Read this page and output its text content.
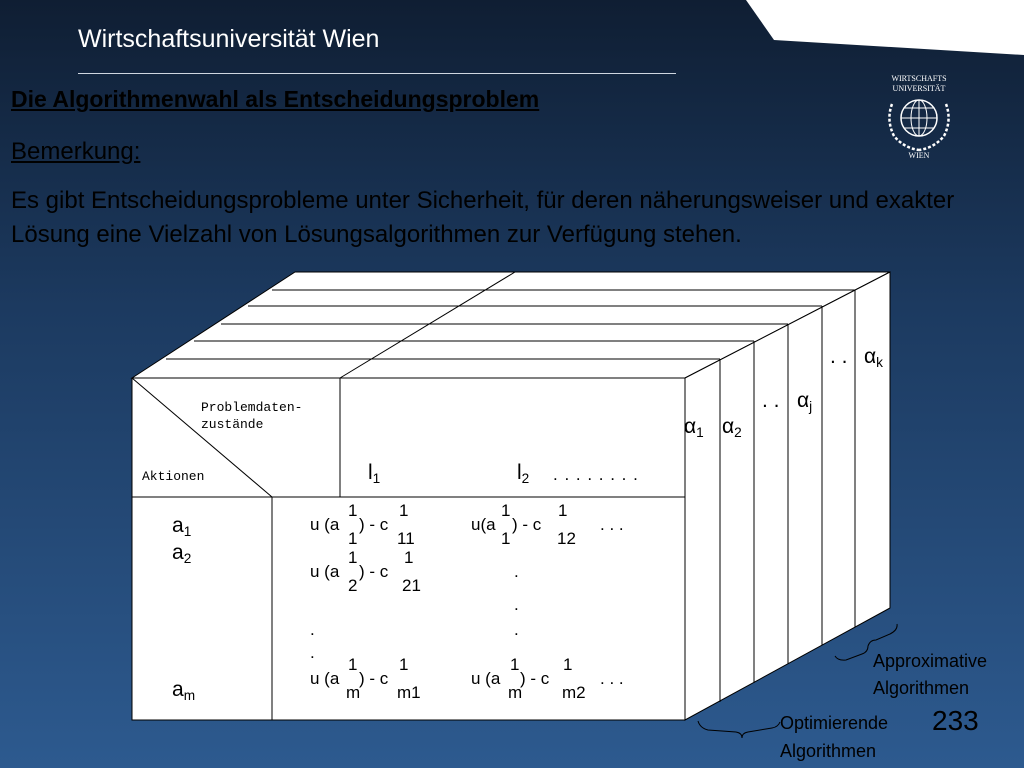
Wirtschaftsuniversität Wien
Die Algorithmenwahl als Entscheidungsproblem
Bemerkung:
Es gibt Entscheidungsprobleme unter Sicherheit, für deren näherungsweiser und exakter Lösung eine Vielzahl von Lösungsalgorithmen zur Verfügung stehen.
WIRTSCHAFTS
UNIVERSITÄT
WIEN
Problemdaten-
zustände
Aktionen	$l_1$	$l_2$ . . . . . . . .
$\alpha_1$ $\alpha_2$
. . $\alpha_j$
. . $\alpha_k$
$a_1$
$a_2$
$a_m$
u (a
1
1
) - c
1
11
u(a
1
1
) - c
1
12
. . .
u (a
1
2
) - c
1
21
.
.
.
.
.
u (a
1
m
) - c
1
m1
u (a
1
m
) - c
1
m2
. . .
Approximative
Algorithmen
Optimierende
Algorithmen
233
